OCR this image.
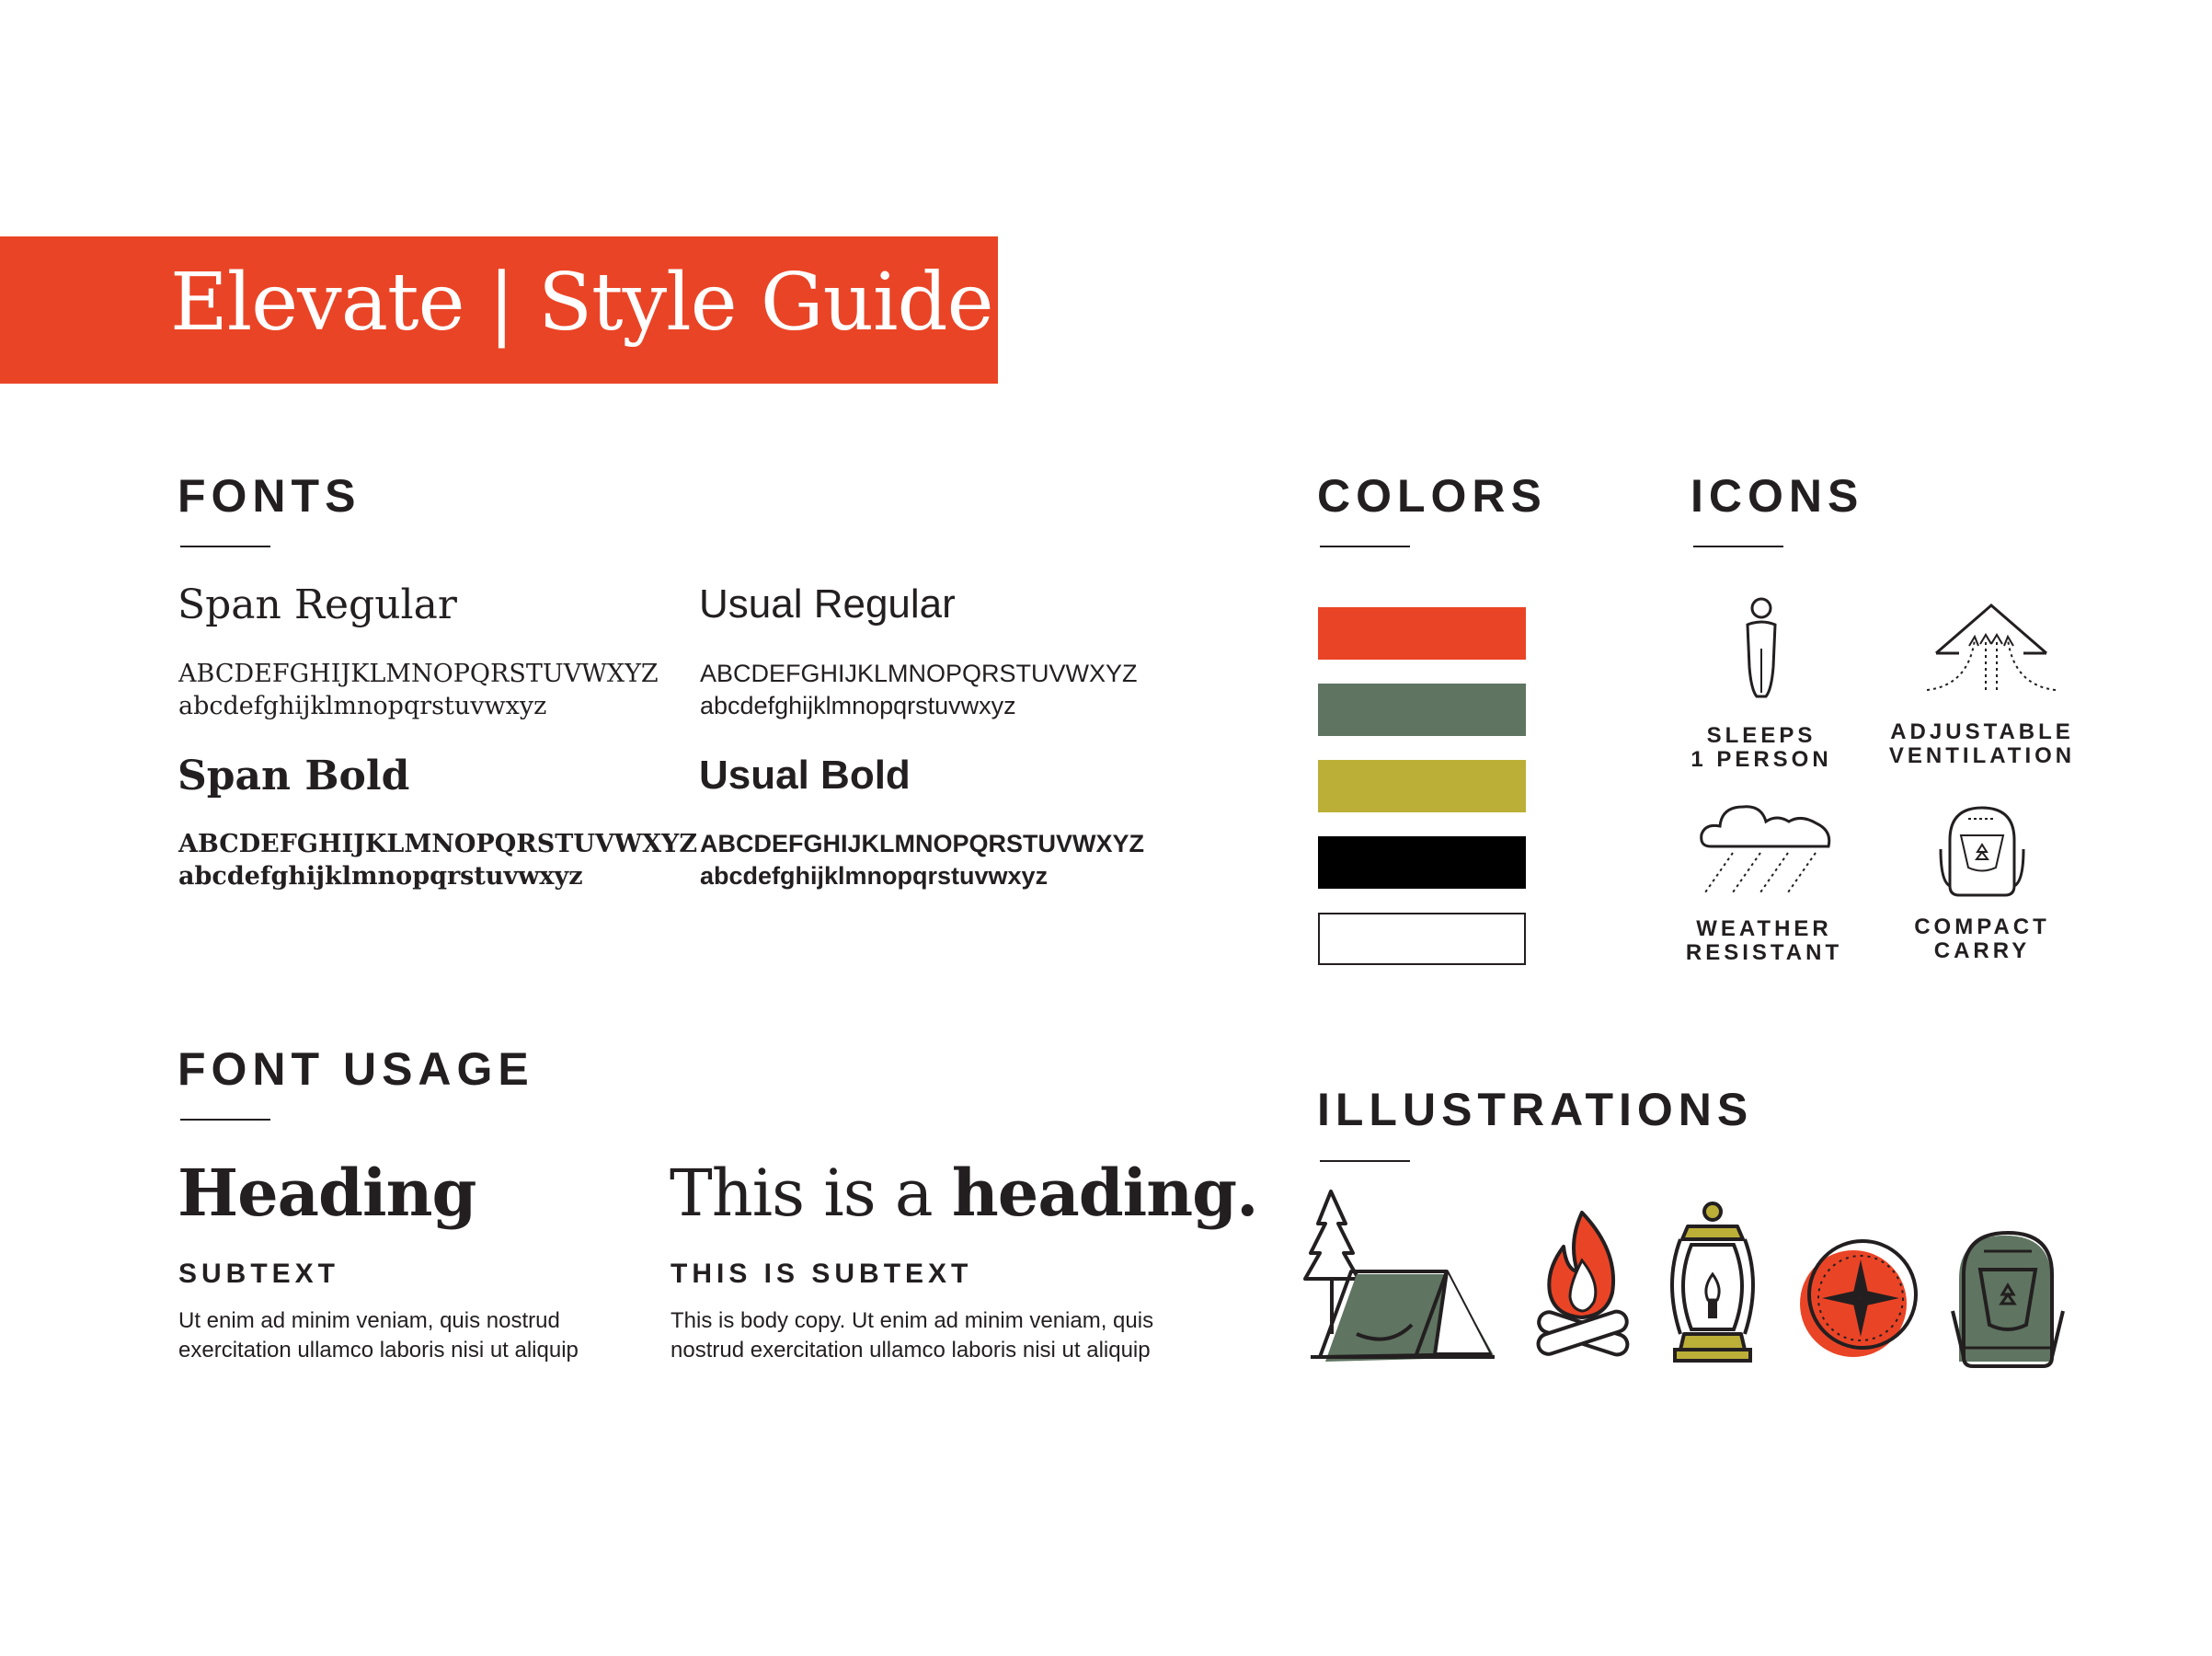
Elevate | Style Guide
FONTS
Span Regular
ABCDEFGHIJKLMNOPQRSTUVWXYZ
abcdefghijklmnopqrstuvwxyz
Usual Regular
ABCDEFGHIJKLMNOPQRSTUVWXYZ
abcdefghijklmnopqrstuvwxyz
Span Bold
ABCDEFGHIJKLMNOPQRSTUVWXYZ
abcdefghijklmnopqrstuvwxyz
Usual Bold
ABCDEFGHIJKLMNOPQRSTUVWXYZ
abcdefghijklmnopqrstuvwxyz
COLORS	ICONS
SLEEPS
1 PERSON
ADJUSTABLE
VENTILATION
WEATHER
RESISTANT
COMPACT
CARRY
FONT USAGE
Heading
SUBTEXT
Ut enim ad minim veniam, quis nostrud
exercitation ullamco laboris nisi ut aliquip
This is a heading.
THIS IS SUBTEXT
This is body copy. Ut enim ad minim veniam, quis
nostrud exercitation ullamco laboris nisi ut aliquip
ILLUSTRATIONS
